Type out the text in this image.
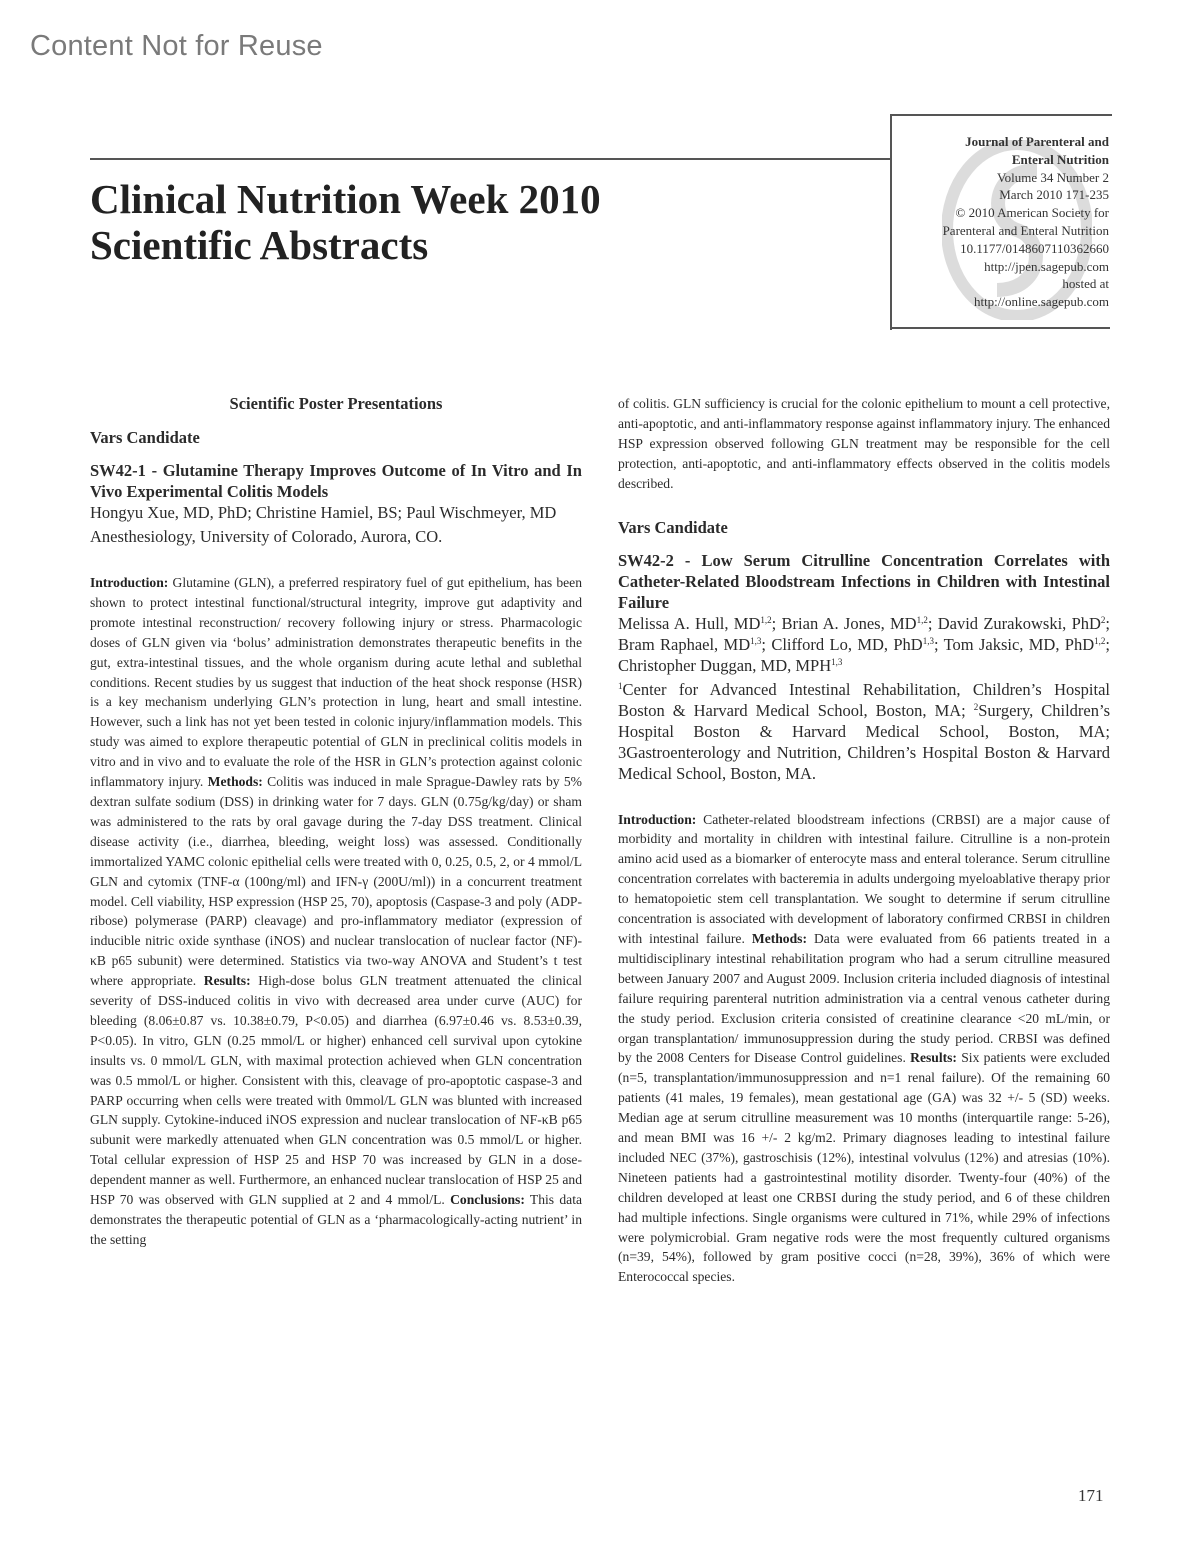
Content Not for Reuse
Journal of Parenteral and
Enteral Nutrition
Volume 34 Number 2
March 2010 171-235
© 2010 American Society for
Parenteral and Enteral Nutrition
10.1177/0148607110362660
http://jpen.sagepub.com
hosted at
http://online.sagepub.com
Clinical Nutrition Week 2010
Scientific Abstracts

Scientific Poster Presentations

Vars Candidate

SW42-1 - Glutamine Therapy Improves Outcome of In Vitro and In Vivo Experimental Colitis Models

Hongyu Xue, MD, PhD; Christine Hamiel, BS; Paul Wischmeyer, MD

Anesthesiology, University of Colorado, Aurora, CO.

Introduction: Glutamine (GLN), a preferred respiratory fuel of gut epithelium, has been shown to protect intestinal functional/structural integrity, improve gut adaptivity and promote intestinal reconstruction/ recovery following injury or stress. Pharmacologic doses of GLN given via ‘bolus’ administration demonstrates therapeutic benefits in the gut, extra-intestinal tissues, and the whole organism during acute lethal and sublethal conditions. Recent studies by us suggest that induction of the heat shock response (HSR) is a key mechanism underlying GLN’s protection in lung, heart and small intestine. However, such a link has not yet been tested in colonic injury/inflammation models. This study was aimed to explore therapeutic potential of GLN in preclinical colitis models in vitro and in vivo and to evaluate the role of the HSR in GLN’s protection against colonic inflammatory injury. Methods: Colitis was induced in male Sprague-Dawley rats by 5% dextran sulfate sodium (DSS) in drinking water for 7 days. GLN (0.75g/kg/day) or sham was administered to the rats by oral gavage during the 7-day DSS treatment. Clinical disease activity (i.e., diarrhea, bleeding, weight loss) was assessed. Conditionally immortalized YAMC colonic epithelial cells were treated with 0, 0.25, 0.5, 2, or 4 mmol/L GLN and cytomix (TNF-α (100ng/ml) and IFN-γ (200U/ml)) in a concurrent treatment model. Cell viability, HSP expression (HSP 25, 70), apoptosis (Caspase-3 and poly (ADP-ribose) polymerase (PARP) cleavage) and pro-inflammatory mediator (expression of inducible nitric oxide synthase (iNOS) and nuclear translocation of nuclear factor (NF)-κB p65 subunit) were determined. Statistics via two-way ANOVA and Student’s t test where appropriate. Results: High-dose bolus GLN treatment attenuated the clinical severity of DSS-induced colitis in vivo with decreased area under curve (AUC) for bleeding (8.06±0.87 vs. 10.38±0.79, P<0.05) and diarrhea (6.97±0.46 vs. 8.53±0.39, P<0.05). In vitro, GLN (0.25 mmol/L or higher) enhanced cell survival upon cytokine insults vs. 0 mmol/L GLN, with maximal protection achieved when GLN concentration was 0.5 mmol/L or higher. Consistent with this, cleavage of pro-apoptotic caspase-3 and PARP occurring when cells were treated with 0mmol/L GLN was blunted with increased GLN supply. Cytokine-induced iNOS expression and nuclear translocation of NF-κB p65 subunit were markedly attenuated when GLN concentration was 0.5 mmol/L or higher. Total cellular expression of HSP 25 and HSP 70 was increased by GLN in a dose-dependent manner as well. Furthermore, an enhanced nuclear translocation of HSP 25 and HSP 70 was observed with GLN supplied at 2 and 4 mmol/L. Conclusions: This data demonstrates the therapeutic potential of GLN as a ‘pharmacologically-acting nutrient’ in the setting

of colitis. GLN sufficiency is crucial for the colonic epithelium to mount a cell protective, anti-apoptotic, and anti-inflammatory response against inflammatory injury. The enhanced HSP expression observed following GLN treatment may be responsible for the cell protection, anti-apoptotic, and anti-inflammatory effects observed in the colitis models described.

Vars Candidate

SW42-2 - Low Serum Citrulline Concentration Correlates with Catheter-Related Bloodstream Infections in Children with Intestinal Failure

Melissa A. Hull, MD$^{1,2}$; Brian A. Jones, MD$^{1,2}$; David Zurakowski, PhD$^2$; Bram Raphael, MD$^{1,3}$; Clifford Lo, MD, PhD$^{1,3}$; Tom Jaksic, MD, PhD$^{1,2}$; Christopher Duggan, MD, MPH$^{1,3}$

$^1$Center for Advanced Intestinal Rehabilitation, Children’s Hospital Boston & Harvard Medical School, Boston, MA; $^2$Surgery, Children’s Hospital Boston & Harvard Medical School, Boston, MA; 3Gastroenterology and Nutrition, Children’s Hospital Boston & Harvard Medical School, Boston, MA.

Introduction: Catheter-related bloodstream infections (CRBSI) are a major cause of morbidity and mortality in children with intestinal failure. Citrulline is a non-protein amino acid used as a biomarker of enterocyte mass and enteral tolerance. Serum citrulline concentration correlates with bacteremia in adults undergoing myeloablative therapy prior to hematopoietic stem cell transplantation. We sought to determine if serum citrulline concentration is associated with development of laboratory confirmed CRBSI in children with intestinal failure. Methods: Data were evaluated from 66 patients treated in a multidisciplinary intestinal rehabilitation program who had a serum citrulline measured between January 2007 and August 2009. Inclusion criteria included diagnosis of intestinal failure requiring parenteral nutrition administration via a central venous catheter during the study period. Exclusion criteria consisted of creatinine clearance <20 mL/min, or organ transplantation/ immunosuppression during the study period. CRBSI was defined by the 2008 Centers for Disease Control guidelines. Results: Six patients were excluded (n=5, transplantation/immunosuppression and n=1 renal failure). Of the remaining 60 patients (41 males, 19 females), mean gestational age (GA) was 32 +/- 5 (SD) weeks. Median age at serum citrulline measurement was 10 months (interquartile range: 5-26), and mean BMI was 16 +/- 2 kg/m2. Primary diagnoses leading to intestinal failure included NEC (37%), gastroschisis (12%), intestinal volvulus (12%) and atresias (10%). Nineteen patients had a gastrointestinal motility disorder. Twenty-four (40%) of the children developed at least one CRBSI during the study period, and 6 of these children had multiple infections. Single organisms were cultured in 71%, while 29% of infections were polymicrobial. Gram negative rods were the most frequently cultured organisms (n=39, 54%), followed by gram positive cocci (n=28, 39%), 36% of which were Enterococcal species.

171
